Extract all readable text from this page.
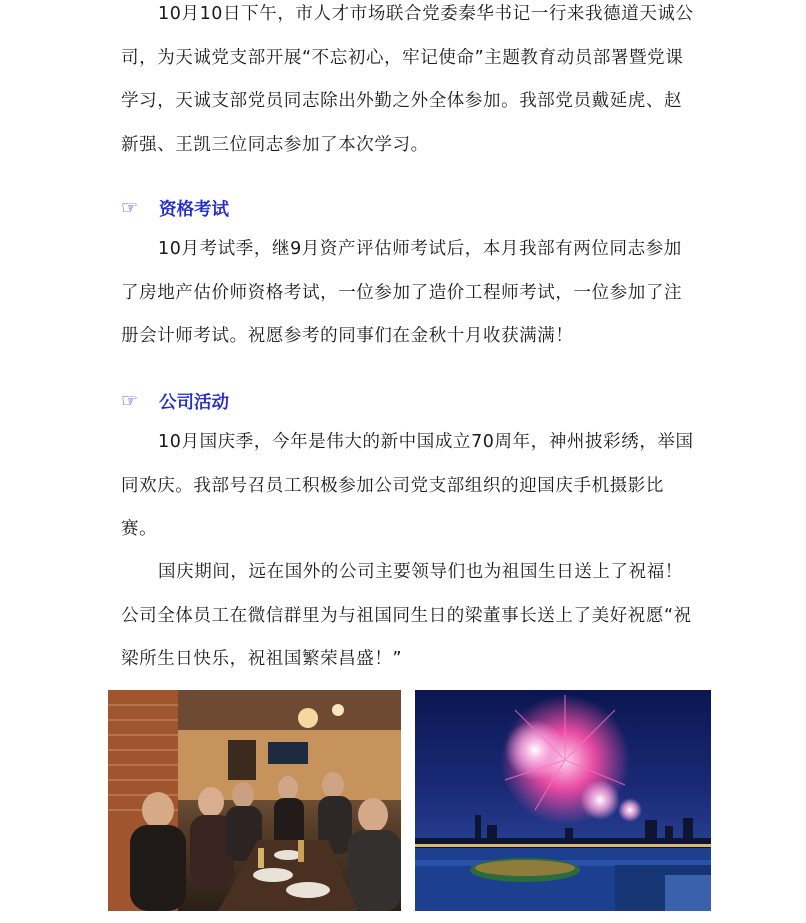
10月10日下午，市人才市场联合党委秦华书记一行来我德道天诚公司，为天诚党支部开展“不忘初心，牢记使命”主题教育动员部署暨党课学习，天诚支部党员同志除出外勤之外全体参加。我部党员戴延虎、赵新强、王凯三位同志参加了本次学习。

☞	资格考试

10月考试季，继9月资产评估师考试后，本月我部有两位同志参加了房地产估价师资格考试，一位参加了造价工程师考试，一位参加了注册会计师考试。祝愿参考的同事们在金秋十月收获满满！

☞	公司活动

10月国庆季，今年是伟大的新中国成立70周年，神州披彩绣，举国同欢庆。我部号召员工积极参加公司党支部组织的迎国庆手机摄影比赛。

国庆期间，远在国外的公司主要领导们也为祖国生日送上了祝福！公司全体员工在微信群里为与祖国同生日的梁董事长送上了美好祝愿“祝梁所生日快乐，祝祖国繁荣昌盛！”
